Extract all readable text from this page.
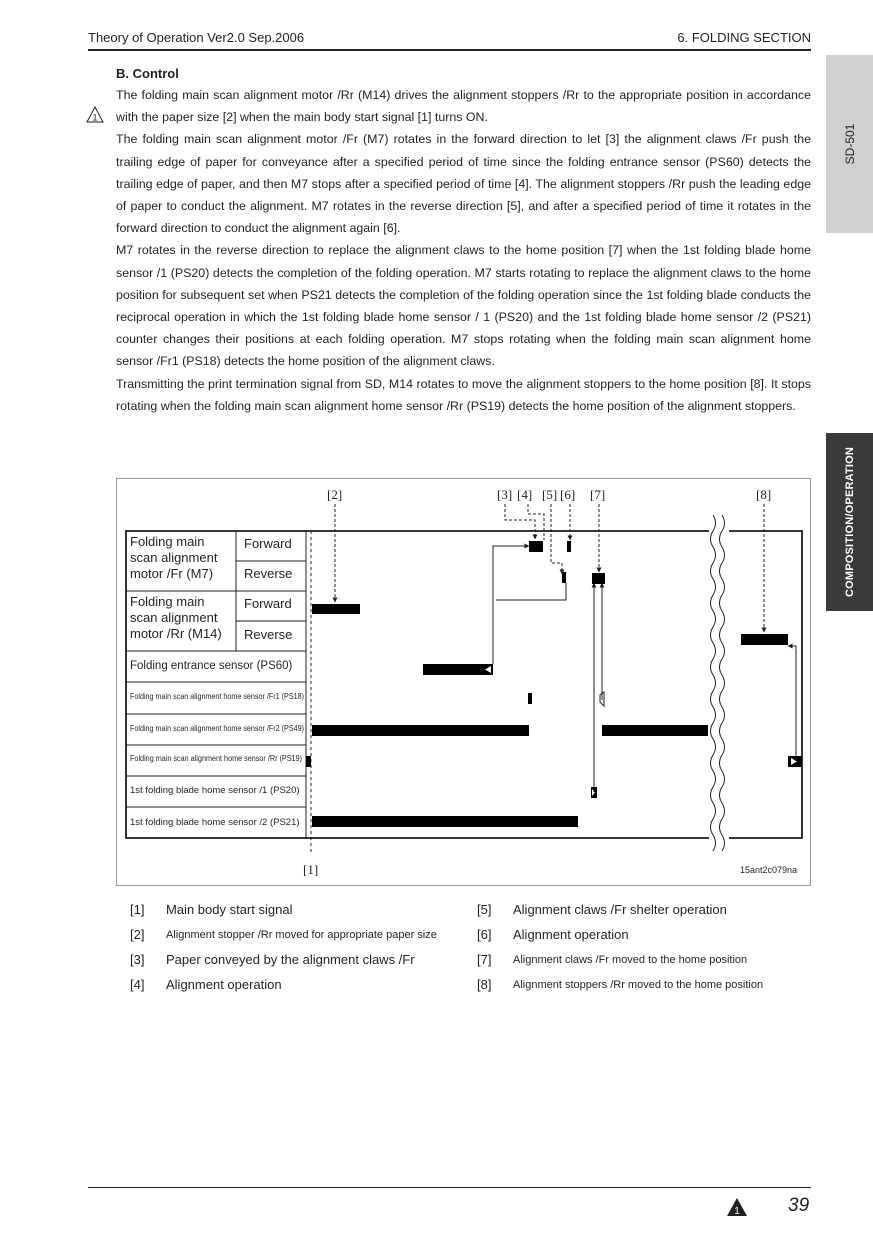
Theory of Operation Ver2.0 Sep.2006	6. FOLDING SECTION
SD-501
COMPOSITION/OPERATION
B. Control
1

The folding main scan alignment motor /Rr (M14) drives the alignment stoppers /Rr to the appropriate position in accordance with the paper size [2] when the main body start signal [1] turns ON.

The folding main scan alignment motor /Fr (M7) rotates in the forward direction to let [3] the alignment claws /Fr push the trailing edge of paper for conveyance after a specified period of time since the folding entrance sensor (PS60) detects the trailing edge of paper, and then M7 stops after a specified period of time [4]. The alignment stoppers /Rr push the leading edge of paper to conduct the alignment. M7 rotates in the reverse direction [5], and after a specified period of time it rotates in the forward direction to conduct the alignment again [6].

M7 rotates in the reverse direction to replace the alignment claws to the home position [7] when the 1st folding blade home sensor /1 (PS20) detects the completion of the folding operation. M7 starts rotating to replace the alignment claws to the home position for subsequent set when PS21 detects the completion of the folding operation since the 1st folding blade conducts the reciprocal operation in which the 1st folding blade home sensor / 1 (PS20) and the 1st folding blade home sensor /2 (PS21) counter changes their positions at each folding operation. M7 stops rotating when the folding main scan alignment home sensor /Fr1 (PS18) detects the home position of the alignment claws.

Transmitting the print termination signal from SD, M14 rotates to move the alignment stoppers to the home position [8]. It stops rotating when the folding main scan alignment home sensor /Rr (PS19) detects the home position of the alignment stoppers.

Folding main
scan alignment
motor /Fr (M7)
Forward
Reverse
Folding main
scan alignment
motor /Rr (M14)
Forward
Reverse
Folding entrance sensor (PS60)
Folding main scan alignment home sensor /Fr1 (PS18)
Folding main scan alignment home sensor /Fr2 (PS49)
Folding main scan alignment home sensor /Rr (PS19)
1st folding blade home sensor /1 (PS20)
1st folding blade home sensor /2 (PS21)
[2]	[3] [4] [5] [6] [7]	[8]
[1]	15ant2c079na
[1] Main body start signal
[2] Alignment stopper /Rr moved for appropriate paper size
[3] Paper conveyed by the alignment claws /Fr
[4] Alignment operation
[5] Alignment claws /Fr shelter operation
[6] Alignment operation
[7] Alignment claws /Fr moved to the home position
[8] Alignment stoppers /Rr moved to the home position
1	39
